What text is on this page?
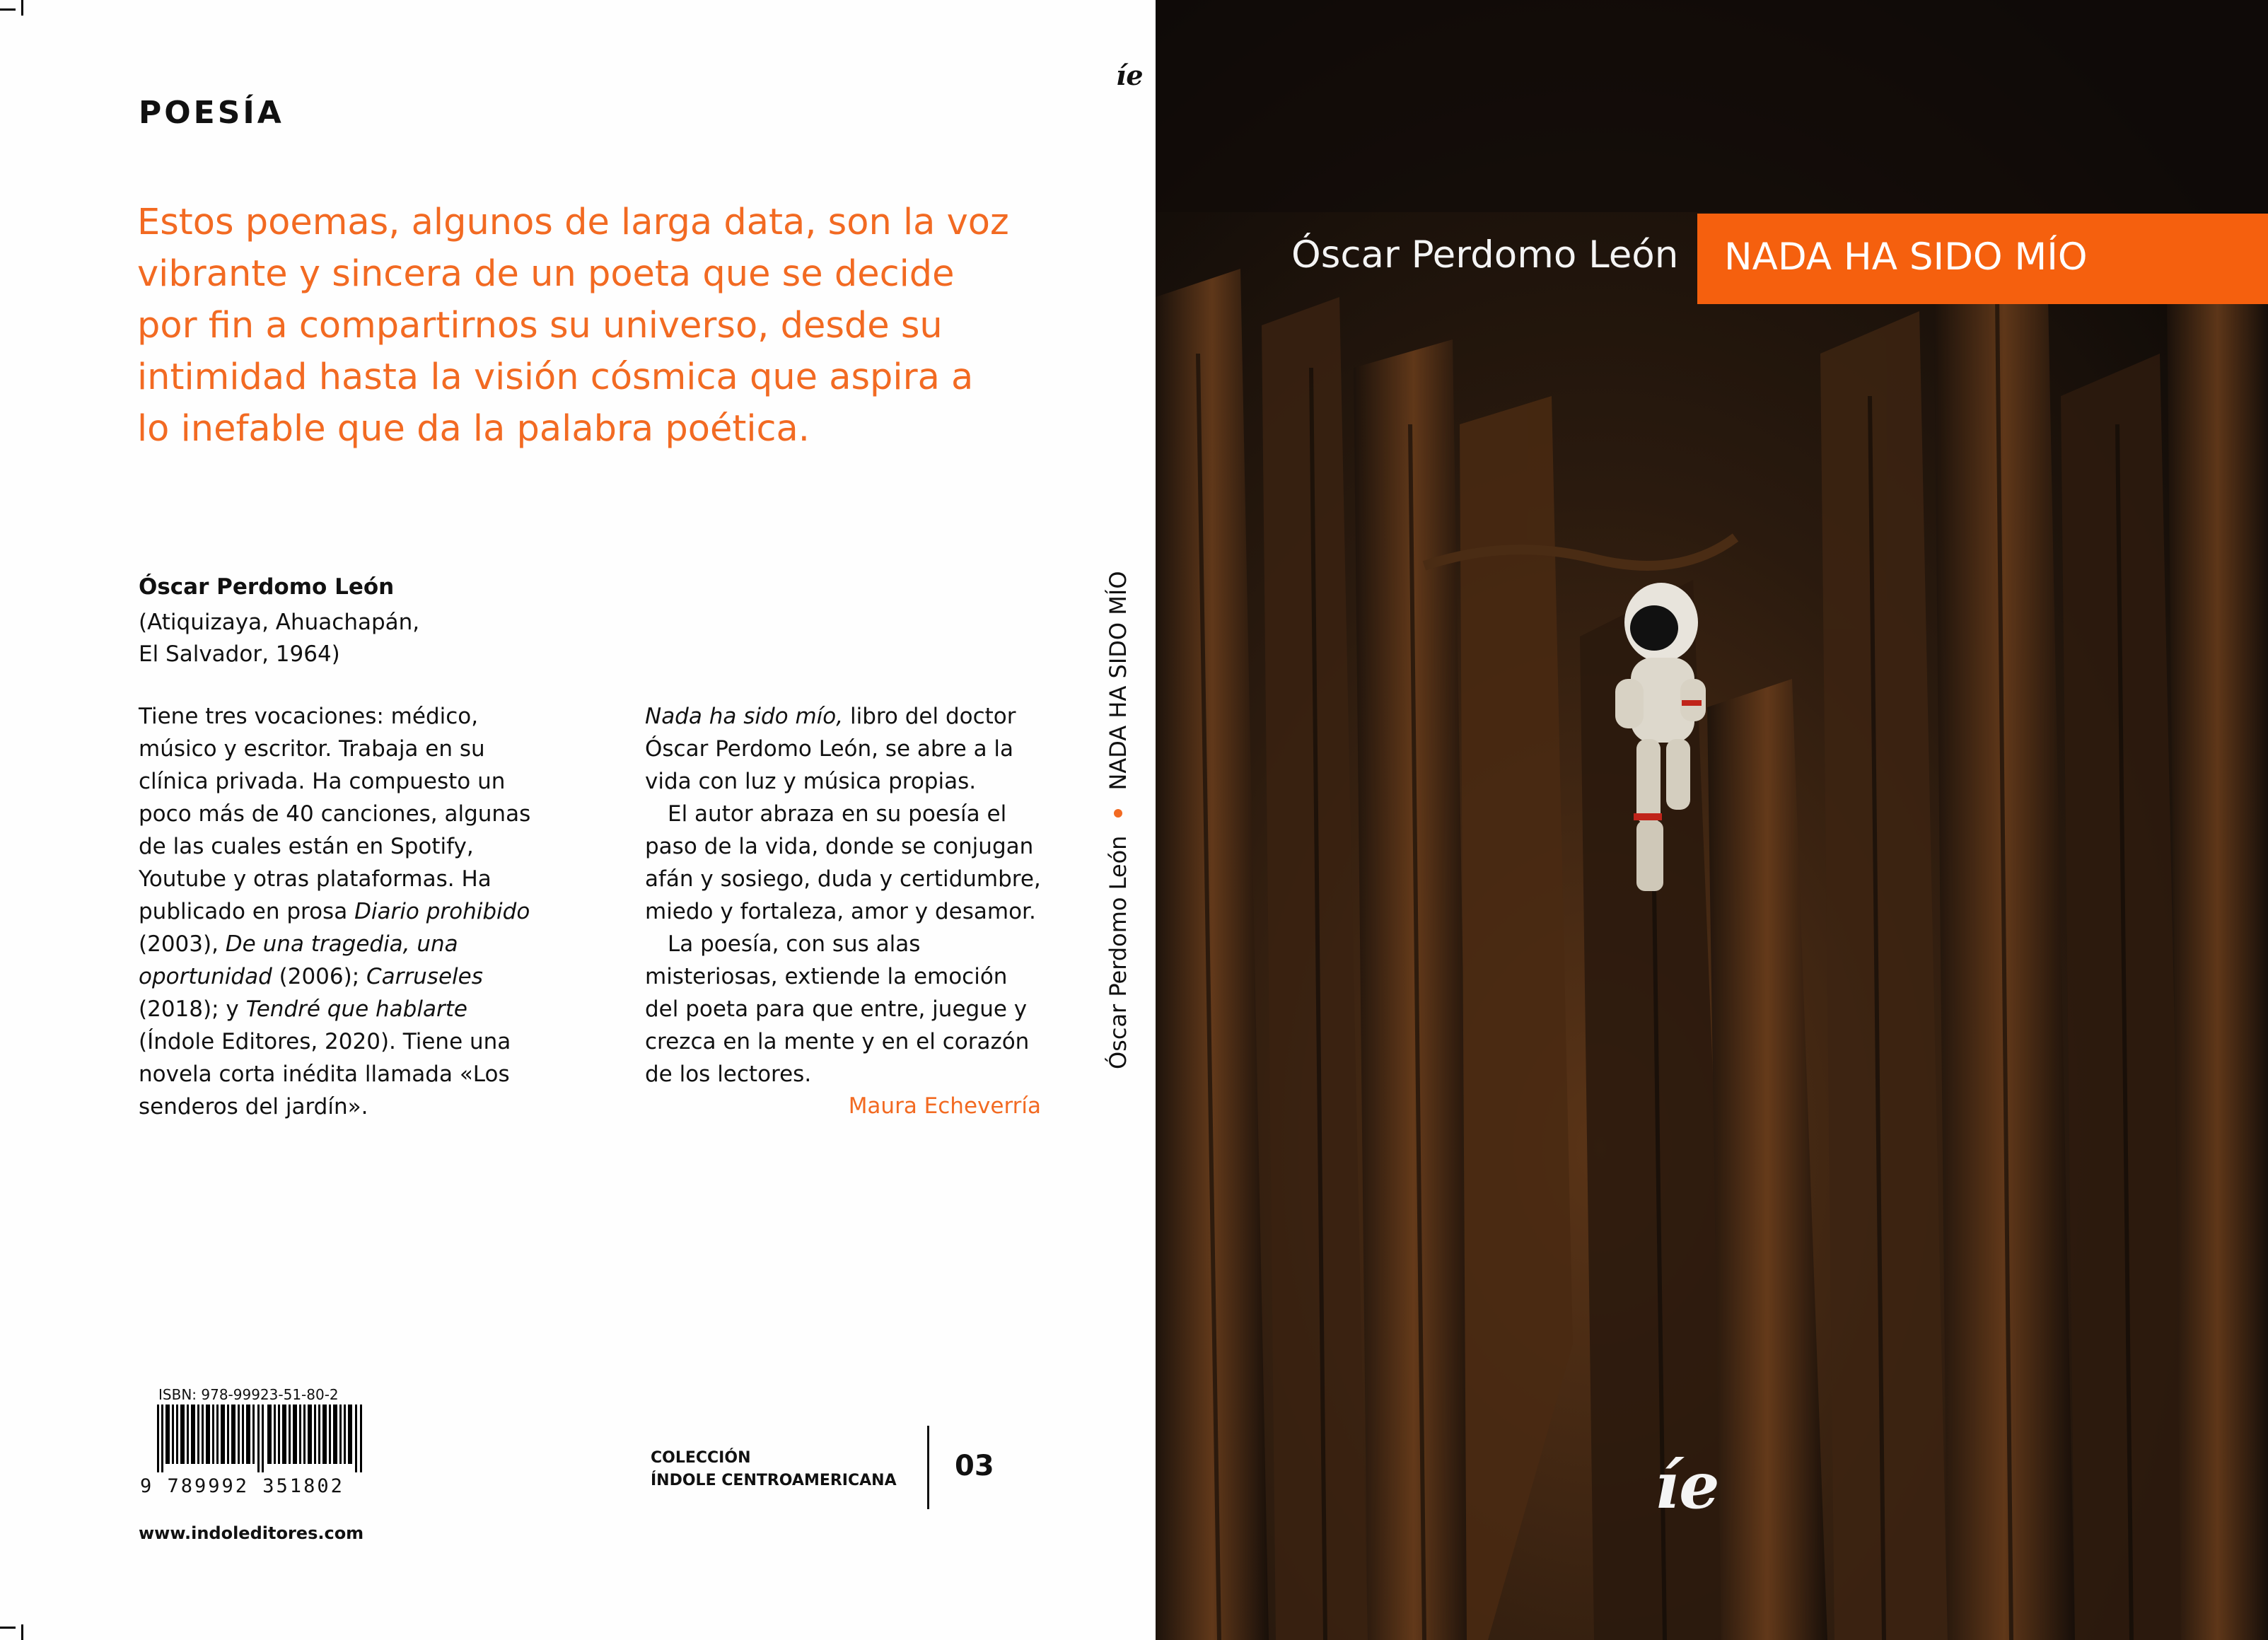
POESÍA
Estos poemas, algunos de larga data, son la voz vibrante y sincera de un poeta que se decide por fin a compartirnos su universo, desde su intimidad hasta la visión cósmica que aspira a lo inefable que da la palabra poética.
Óscar Perdomo León
(Atiquizaya, Ahuachapán,
El Salvador, 1964)
Tiene tres vocaciones: médico, músico y escritor. Trabaja en su clínica privada. Ha compuesto un poco más de 40 canciones, algunas de las cuales están en Spotify, Youtube y otras plataformas. Ha publicado en prosa Diario prohibido (2003), De una tragedia, una oportunidad (2006); Carruseles (2018); y Tendré que hablarte (Índole Editores, 2020). Tiene una novela corta inédita llamada «Los senderos del jardín».

Nada ha sido mío, libro del doctor Óscar Perdomo León, se abre a la vida con luz y música propias.

El autor abraza en su poesía el paso de la vida, donde se conjugan afán y sosiego, duda y certidumbre, miedo y fortaleza, amor y desamor.

La poesía, con sus alas misteriosas, extiende la emoción del poeta para que entre, juegue y crezca en la mente y en el corazón de los lectores.

Maura Echeverría
ISBN: 978-99923-51-80-2
9 789992 351802
www.indoleditores.com
COLECCIÓN
ÍNDOLE CENTROAMERICANA 03
íe
Óscar Perdomo León
NADA HA SIDO MÍO
Óscar Perdomo León NADA HA SIDO MÍO
íe
